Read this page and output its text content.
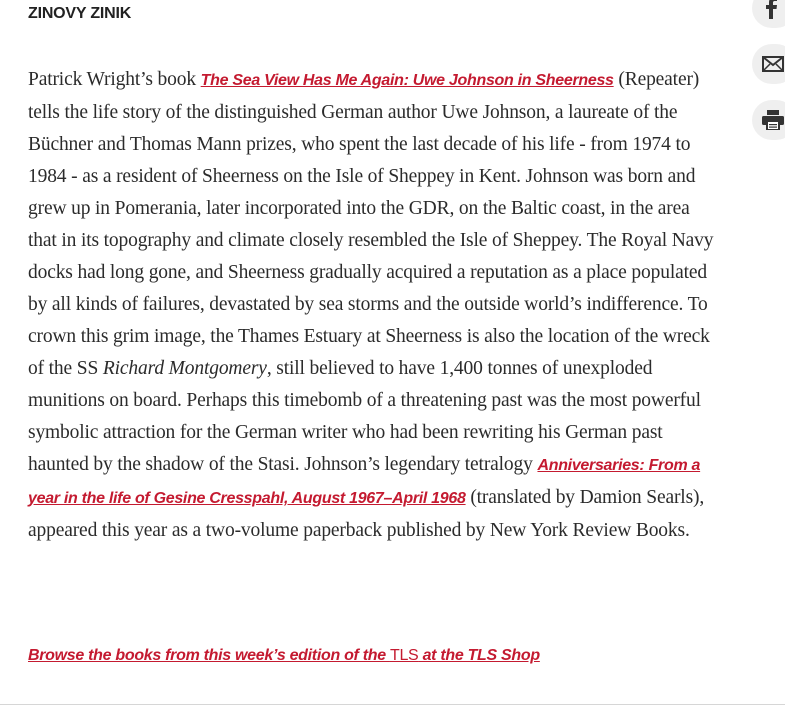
ZINOVY ZINIK

Patrick Wright’s book The Sea View Has Me Again: Uwe Johnson in Sheerness (Repeater) tells the life story of the distinguished German author Uwe Johnson, a laureate of the Büchner and Thomas Mann prizes, who spent the last decade of his life - from 1974 to 1984 - as a resident of Sheerness on the Isle of Sheppey in Kent. Johnson was born and grew up in Pomerania, later incorporated into the GDR, on the Baltic coast, in the area that in its topography and climate closely resembled the Isle of Sheppey. The Royal Navy docks had long gone, and Sheerness gradually acquired a reputation as a place populated by all kinds of failures, devastated by sea storms and the outside world’s indifference. To crown this grim image, the Thames Estuary at Sheerness is also the location of the wreck of the SS Richard Montgomery, still believed to have 1,400 tonnes of unexploded munitions on board. Perhaps this timebomb of a threatening past was the most powerful symbolic attraction for the German writer who had been rewriting his German past haunted by the shadow of the Stasi. Johnson’s legendary tetralogy Anniversaries: From a year in the life of Gesine Cresspahl, August 1967–April 1968 (translated by Damion Searls), appeared this year as a two-volume paperback published by New York Review Books.

Browse the books from this week’s edition of the TLS at the TLS Shop
